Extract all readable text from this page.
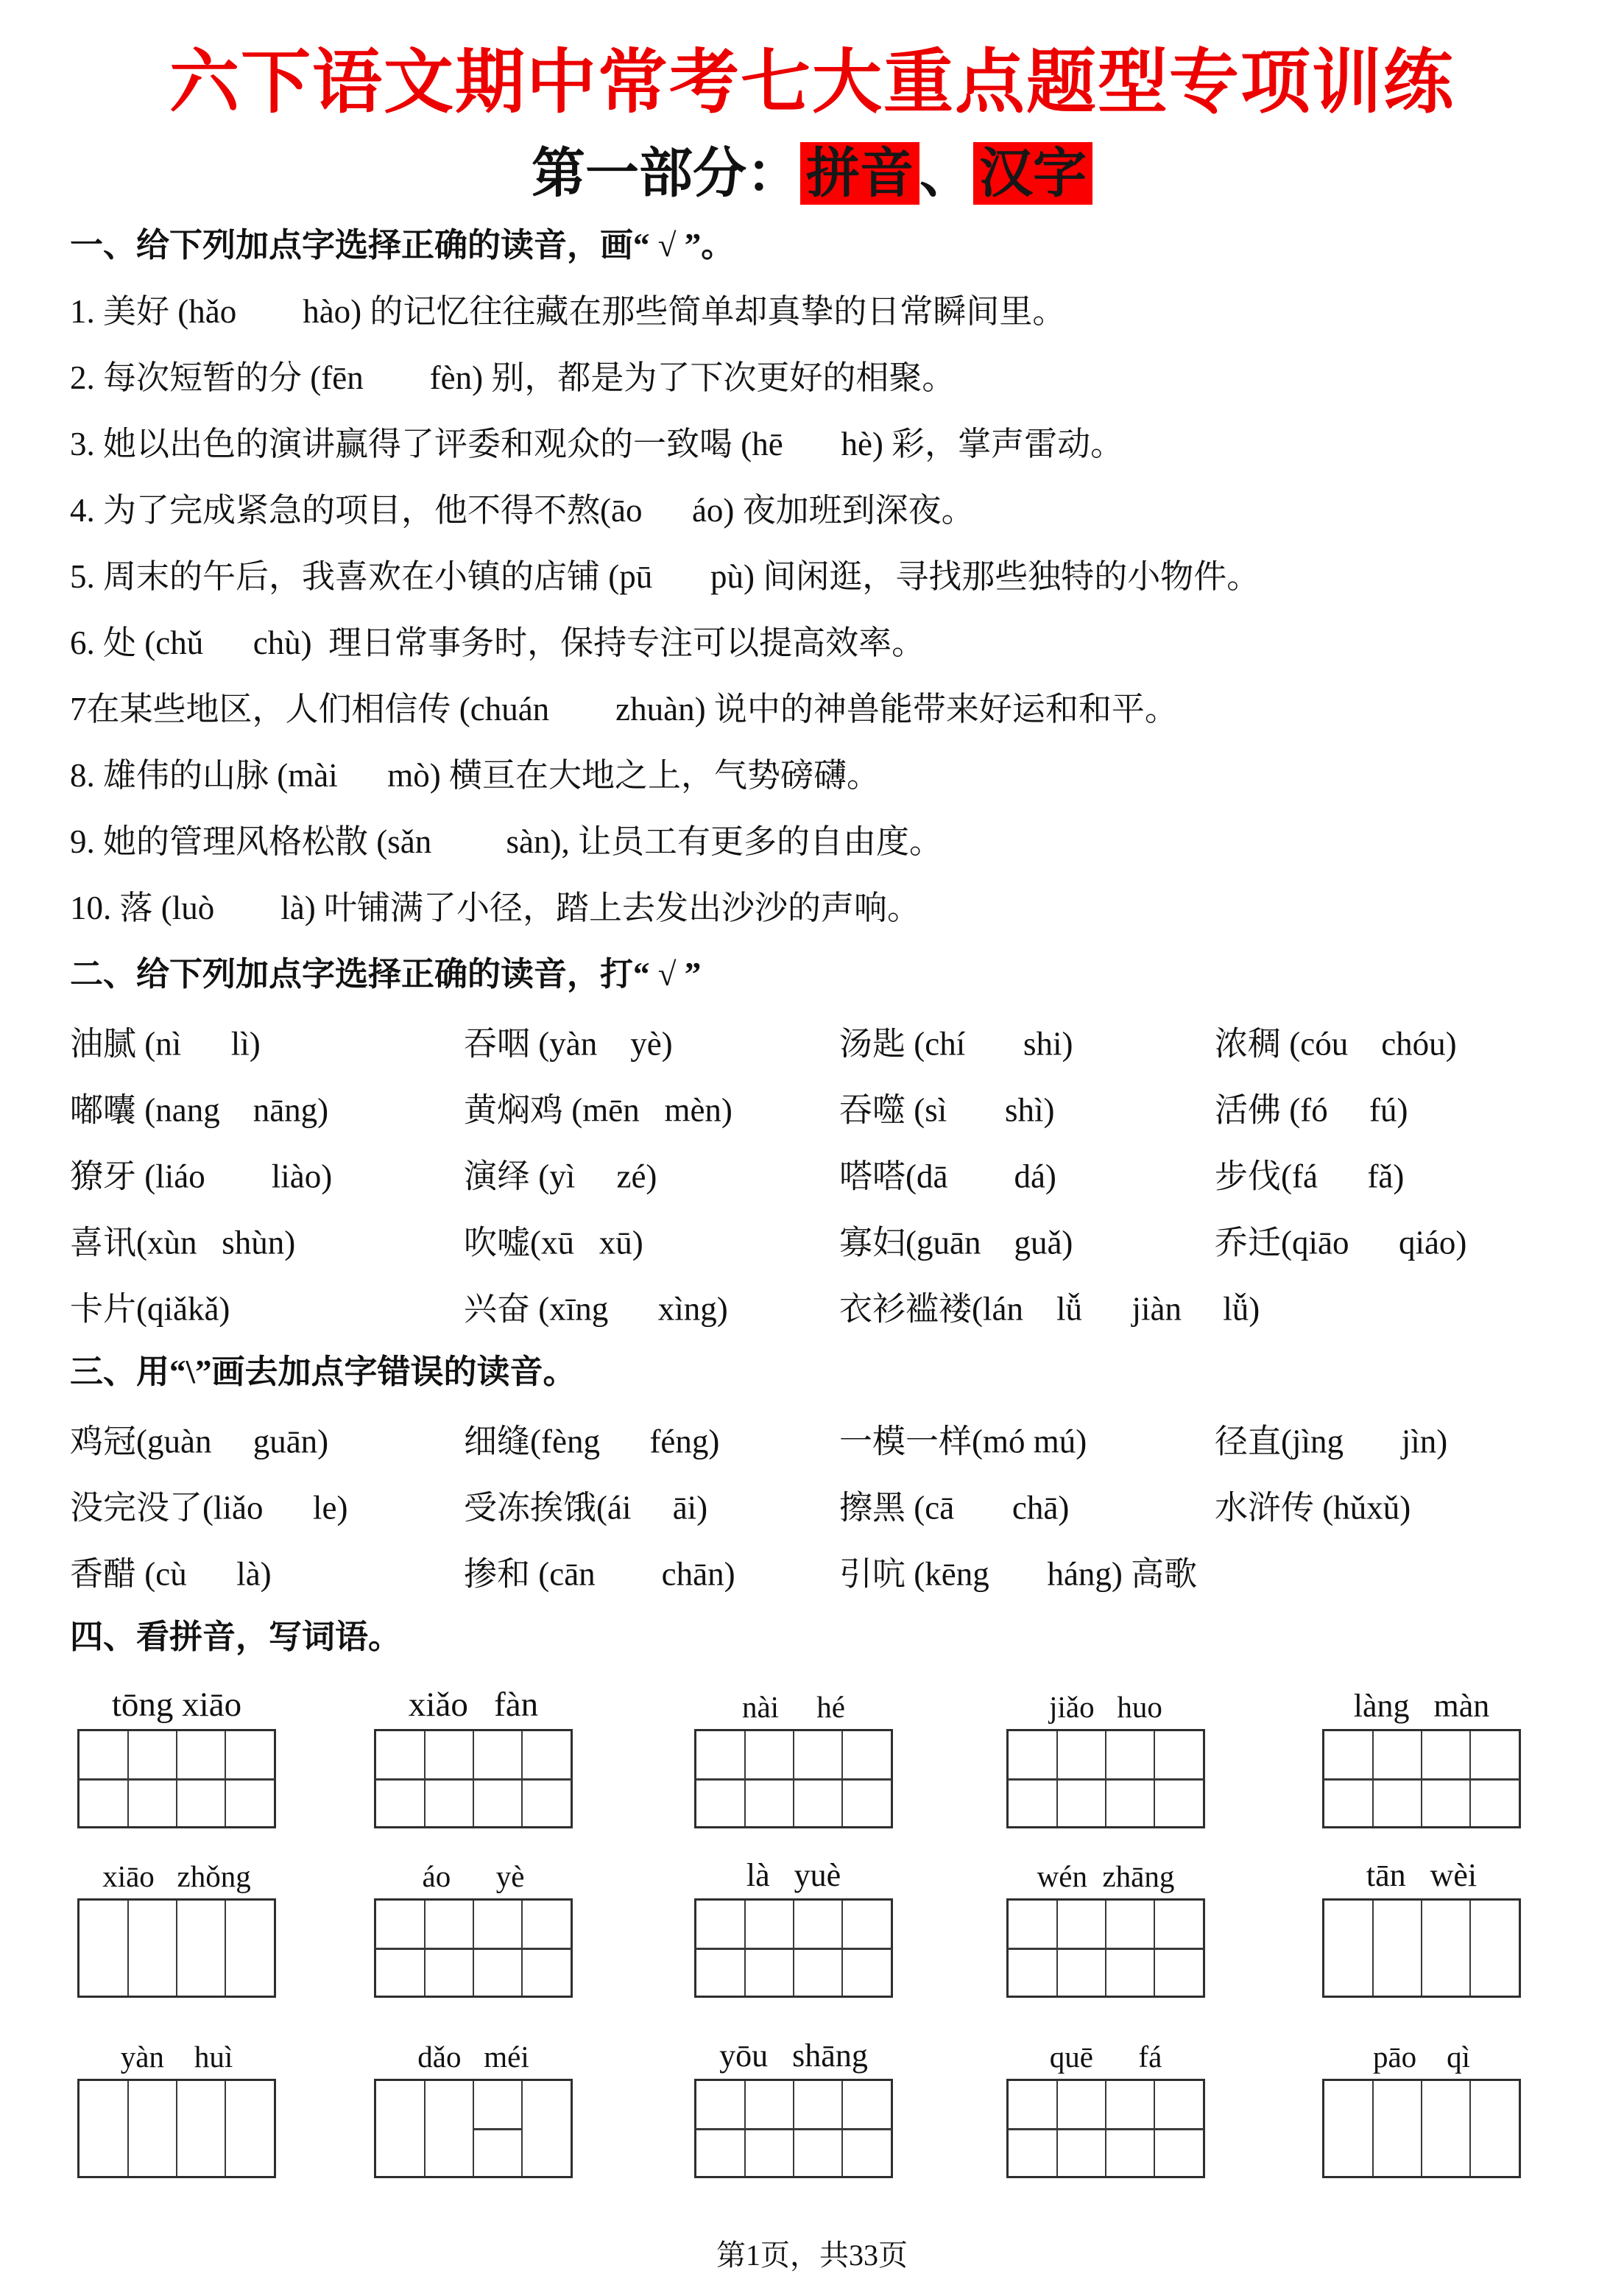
六下语文期中常考七大重点题型专项训练
第一部分： 拼音 、 汉字
一、给下列加点字选择正确的读音，画“ √ ”。
1. 美好 (hǎo        hào) 的记忆往往藏在那些简单却真挚的日常瞬间里。
2. 每次短暂的分 (fēn        fèn) 别，都是为了下次更好的相聚。
3. 她以出色的演讲赢得了评委和观众的一致喝 (hē       hè) 彩，掌声雷动。
4. 为了完成紧急的项目，他不得不熬(āo      áo) 夜加班到深夜。
5. 周末的午后，我喜欢在小镇的店铺 (pū       pù) 间闲逛，寻找那些独特的小物件。
6. 处 (chǔ      chù)  理日常事务时，保持专注可以提高效率。
7在某些地区，人们相信传 (chuán        zhuàn) 说中的神兽能带来好运和和平。
8. 雄伟的山脉 (mài      mò) 横亘在大地之上，气势磅礴。
9. 她的管理风格松散 (sǎn         sàn), 让员工有更多的自由度。
10. 落 (luò        là) 叶铺满了小径，踏上去发出沙沙的声响。
二、给下列加点字选择正确的读音，打“ √ ”
油腻 (nì      lì)	吞咽 (yàn    yè)	汤匙 (chí       shi)	浓稠 (cóu    chóu)
嘟囔 (nang    nāng)	黄焖鸡 (mēn   mèn)	吞噬 (sì       shì)	活佛 (fó     fú)
獠牙 (liáo        liào)	演绎 (yì     zé)	嗒嗒(dā        dá)	步伐(fá      fǎ)
喜讯(xùn   shùn)	吹嘘(xū   xū)	寡妇(guān    guǎ)	乔迁(qiāo      qiáo)
卡片(qiǎkǎ)	兴奋 (xīng      xìng)	衣衫褴褛(lán    lǚ      jiàn     lǚ)
三、用“\”画去加点字错误的读音。
鸡冠(guàn     guān)	细缝(fèng      féng)	一模一样(mó mú)	径直(jìng       jìn)
没完没了(liǎo      le)	受冻挨饿(ái     āi)	擦黑 (cā       chā)	水浒传 (hǔxǔ)
香醋 (cù      là)	掺和 (cān        chān)	引吭 (kēng       háng) 高歌
四、看拼音，写词语。
tōng xiāo	xiǎo   fàn	nài     hé	jiǎo   huo	làng   màn
xiāo   zhǒng	áo      yè	là   yuè	wén  zhāng	tān   wèi
yàn    huì	dǎo   méi	yōu   shāng	quē      fá	pāo    qì
第1页，共33页
